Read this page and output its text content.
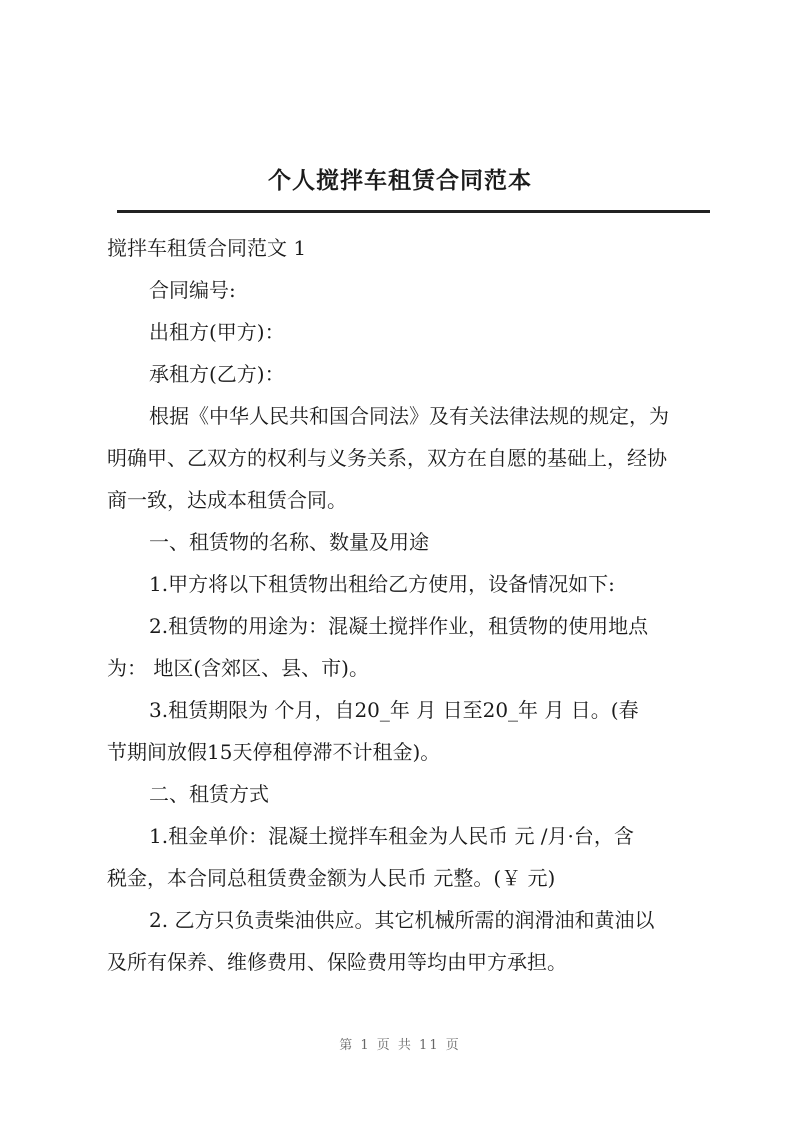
个人搅拌车租赁合同范本
搅拌车租赁合同范文 1
合同编号:
出租方(甲方)：
承租方(乙方)：
根据《中华人民共和国合同法》及有关法律法规的规定，为
明确甲、乙双方的权利与义务关系，双方在自愿的基础上，经协
商一致，达成本租赁合同。
一、租赁物的名称、数量及用途
1.甲方将以下租赁物出租给乙方使用，设备情况如下:
2.租赁物的用途为：混凝土搅拌作业，租赁物的使用地点
为： 地区(含郊区、县、市)。
3.租赁期限为 个月，自20_年 月 日至20_年 月 日。(春
节期间放假15天停租停滞不计租金)。
二、租赁方式
1.租金单价：混凝土搅拌车租金为人民币 元 /月·台，含
税金，本合同总租赁费金额为人民币 元整。(￥ 元)
2. 乙方只负责柴油供应。其它机械所需的润滑油和黄油以
及所有保养、维修费用、保险费用等均由甲方承担。
第 1 页 共 11 页
